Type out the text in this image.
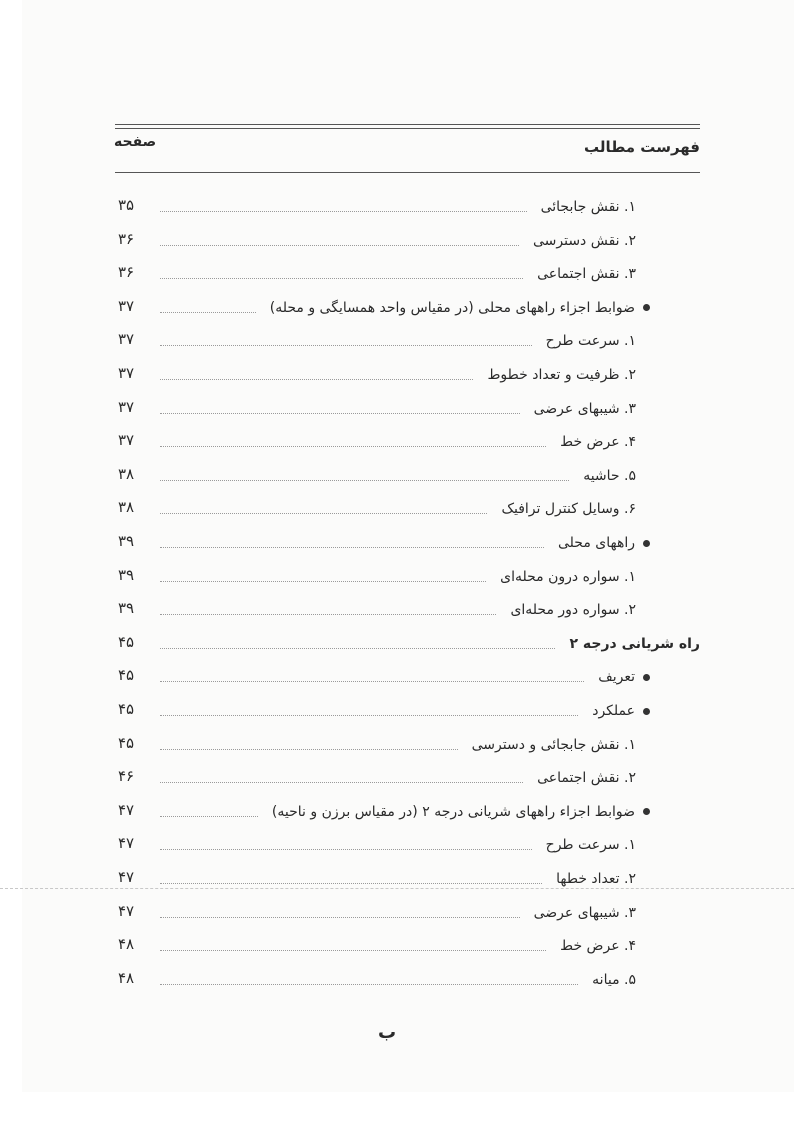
فهرست مطالب
صفحه
۳۵	۱. نقش جابجائی
۳۶	۲. نقش دسترسی
۳۶	۳. نقش اجتماعی
۳۷	ضوابط اجزاء راههای محلی (در مقیاس واحد همسایگی و محله)
۳۷	۱. سرعت طرح
۳۷	۲. ظرفیت و تعداد خطوط
۳۷	۳. شیبهای عرضی
۳۷	۴. عرض خط
۳۸	۵. حاشیه
۳۸	۶. وسایل کنترل ترافیک
۳۹	راههای محلی
۳۹	۱. سواره درون محله‌ای
۳۹	۲. سواره دور محله‌ای
۴۵	راه شریانی درجه ۲
۴۵	تعریف
۴۵	عملکرد
۴۵	۱. نقش جابجائی و دسترسی
۴۶	۲. نقش اجتماعی
۴۷	ضوابط اجزاء راههای شریانی درجه ۲ (در مقیاس برزن و ناحیه)
۴۷	۱. سرعت طرح
۴۷	۲. تعداد خطها
۴۷	۳. شیبهای عرضی
۴۸	۴. عرض خط
۴۸	۵. میانه
ب
